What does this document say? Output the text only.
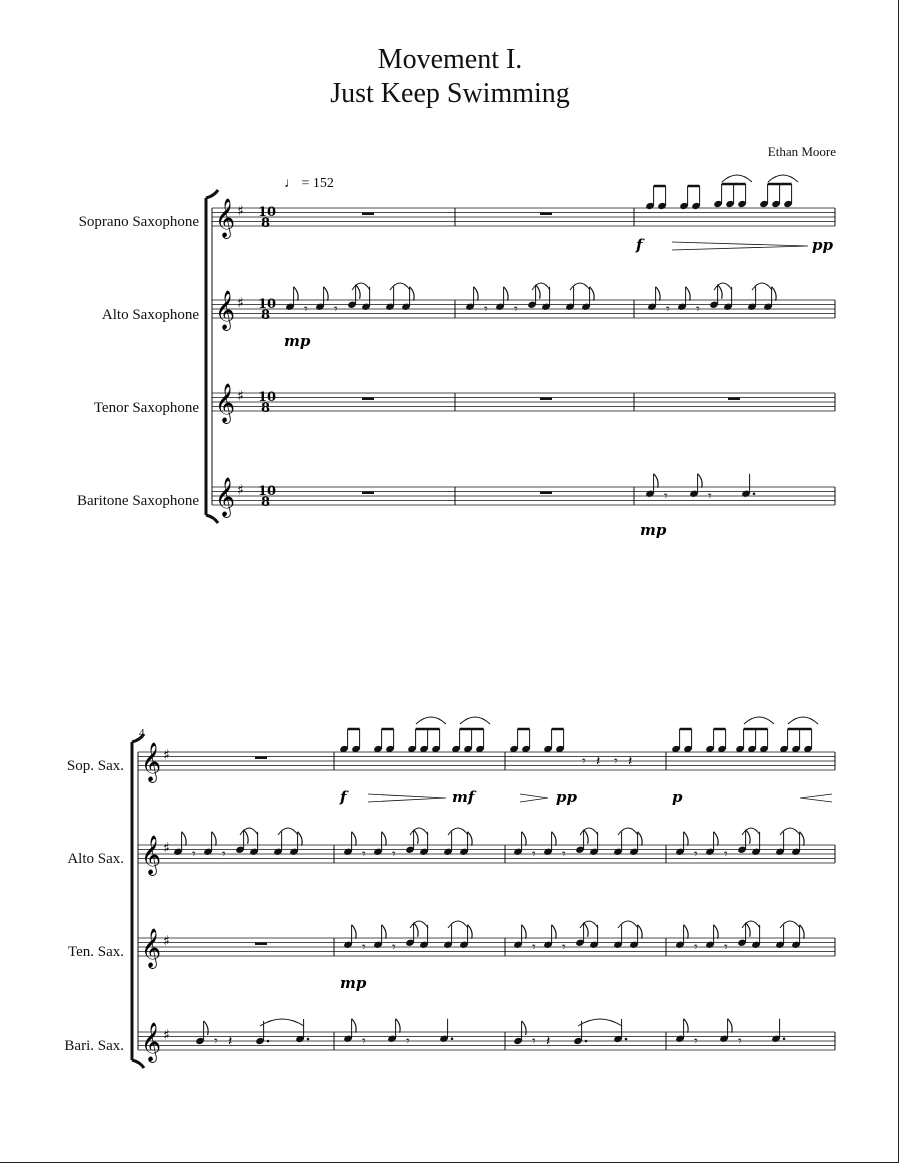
Movement I.
Just Keep Swimming
Ethan Moore
♩ = 152
Soprano Saxophone
Alto Saxophone
Tenor Saxophone
Baritone Saxophone
4
Sop. Sax.
Alto Sax.
Ten. Sax.
Bari. Sax.
𝄞 ♯ 10
8
𝄞 ♯ 10
8
𝄞 ♯ 10
8
𝄞 ♯ 10
8
f	pp
𝄾 𝄾	𝄾 𝄾	𝄾 𝄾
mp
𝄾	𝄾
mp
𝄞 ♯
𝄞 ♯
𝄞 ♯
𝄞 ♯
𝄾 𝄽 𝄾 𝄽
f	mf	pp	p
𝄾 𝄾	𝄾 𝄾	𝄾 𝄾	𝄾 𝄾
𝄾 𝄾	𝄾 𝄾	𝄾 𝄾
mp
𝄾 𝄽	𝄾	𝄾	𝄾 𝄽	𝄾	𝄾
